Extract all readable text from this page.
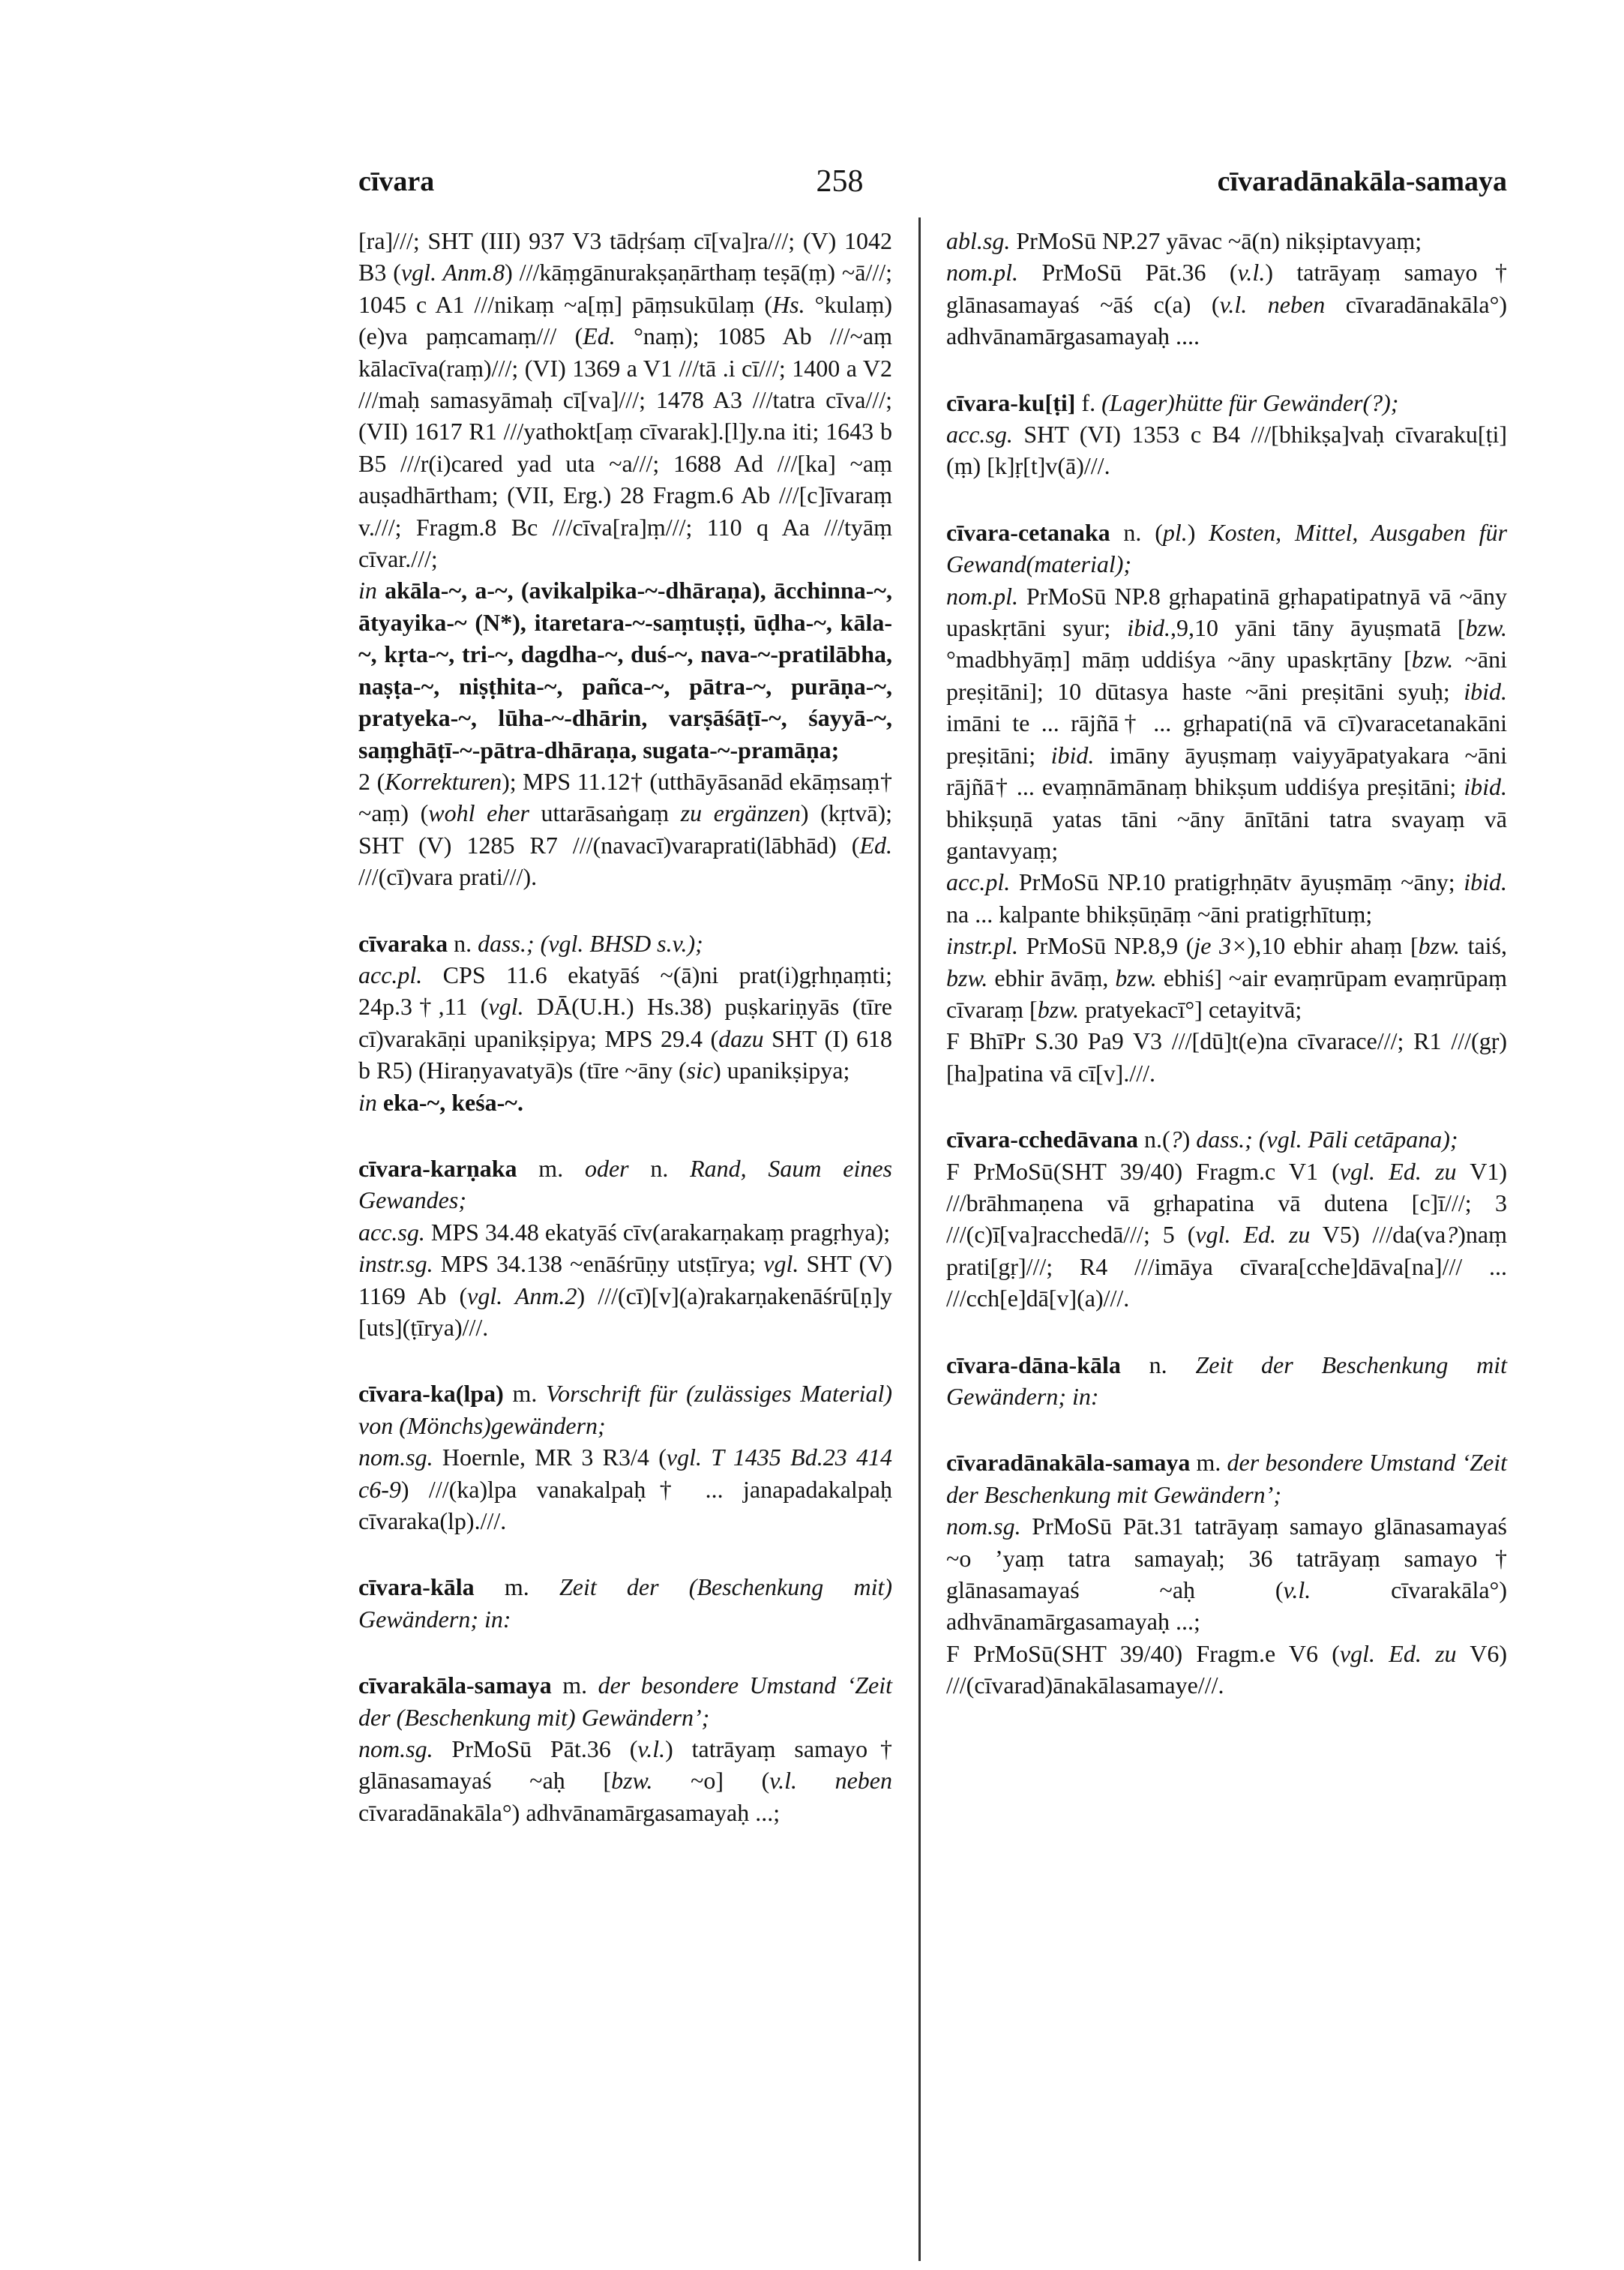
cīvara	258	cīvaradānakāla-samaya

[ra]///; SHT (III) 937 V3 tādṛśaṃ cī[va]ra///; (V) 1042 B3 (vgl. Anm.8) ///kāṃgānurakṣaṇārthaṃ teṣā(ṃ) ~ā///; 1045 c A1 ///nikaṃ ~a[ṃ] pāṃsukūlaṃ (Hs. °kulaṃ) (e)va paṃcamaṃ/// (Ed. °naṃ); 1085 Ab ///~aṃ kālacīva(raṃ)///; (VI) 1369 a V1 ///tā .i cī///; 1400 a V2 ///maḥ samasyāmaḥ cī[va]///; 1478 A3 ///tatra cīva///; (VII) 1617 R1 ///yathokt[aṃ cīvarak].[l]y.na iti; 1643 b B5 ///r(i)cared yad uta ~a///; 1688 Ad ///[ka] ~aṃ auṣadhārtham; (VII, Erg.) 28 Fragm.6 Ab ///[c]īvaraṃ v.///; Fragm.8 Bc ///cīva[ra]ṃ///; 110 q Aa ///tyāṃ cīvar.///;

in akāla-~, a-~, (avikalpika-~-dhāraṇa), ācchinna-~, ātyayika-~ (N*), itaretara-~-saṃtuṣṭi, ūḍha-~, kāla-~, kṛta-~, tri-~, dagdha-~, duś-~, nava-~-pratilābha, naṣṭa-~, niṣṭhita-~, pañca-~, pātra-~, purāṇa-~, pratyeka-~, lūha-~-dhārin, varṣāśāṭī-~, śayyā-~, saṃghāṭī-~-pātra-dhāraṇa, sugata-~-pramāṇa;

2 (Korrekturen); MPS 11.12† (utthāyāsanād ekāṃsaṃ† ~aṃ) (wohl eher uttarāsaṅgaṃ zu ergänzen) (kṛtvā); SHT (V) 1285 R7 ///(navacī)varaprati(lābhād) (Ed. ///(cī)vara prati///).

cīvaraka n. dass.; (vgl. BHSD s.v.);

acc.pl. CPS 11.6 ekatyāś ~(ā)ni prat(i)gṛhṇaṃti; 24p.3†,11 (vgl. DĀ(U.H.) Hs.38) puṣkariṇyās (tīre cī)varakāṇi upanikṣipya; MPS 29.4 (dazu SHT (I) 618 b R5) (Hiraṇyavatyā)s (tīre ~āny (sic) upanikṣipya;

in eka-~, keśa-~.

cīvara-karṇaka m. oder n. Rand, Saum eines Gewandes;

acc.sg. MPS 34.48 ekatyāś cīv(arakarṇakaṃ pragṛhya);

instr.sg. MPS 34.138 ~enāśrūṇy utsṭīrya; vgl. SHT (V) 1169 Ab (vgl. Anm.2) ///(cī)[v](a)rakarṇakenāśrū[ṇ]y [uts](ṭīrya)///.

cīvara-ka(lpa) m. Vorschrift für (zulässiges Material) von (Mönchs)gewändern;

nom.sg. Hoernle, MR 3 R3/4 (vgl. T 1435 Bd.23 414 c6-9) ///(ka)lpa vanakalpaḥ† ... janapadakalpaḥ cīvaraka(lp).///.

cīvara-kāla m. Zeit der (Beschenkung mit) Gewändern; in:

cīvarakāla-samaya m. der besondere Umstand ‘Zeit der (Beschenkung mit) Gewändern’;

nom.sg. PrMoSū Pāt.36 (v.l.) tatrāyaṃ samayo† glānasamayaś ~aḥ [bzw. ~o] (v.l. neben cīvaradānakāla°) adhvānamārgasamayaḥ ...;

abl.sg. PrMoSū NP.27 yāvac ~ā(n) nikṣiptavyaṃ;

nom.pl. PrMoSū Pāt.36 (v.l.) tatrāyaṃ samayo† glānasamayaś ~āś c(a) (v.l. neben cīvaradānakāla°) adhvānamārgasamayaḥ ....

cīvara-ku[ṭi] f. (Lager)hütte für Gewänder(?);

acc.sg. SHT (VI) 1353 c B4 ///[bhikṣa]vaḥ cīvaraku[ṭi](ṃ) [k]ṛ[t]v(ā)///.

cīvara-cetanaka n. (pl.) Kosten, Mittel, Ausgaben für Gewand(material);

nom.pl. PrMoSū NP.8 gṛhapatinā gṛhapatipatnyā vā ~āny upaskṛtāni syur; ibid.,9,10 yāni tāny āyuṣmatā [bzw. °madbhyāṃ] māṃ uddiśya ~āny upaskṛtāny [bzw. ~āni preṣitāni]; 10 dūtasya haste ~āni preṣitāni syuḥ; ibid. imāni te ... rājñā† ... gṛhapati(nā vā cī)varacetanakāni preṣitāni; ibid. imāny āyuṣmaṃ vaiyyāpatyakara ~āni rājñā† ... evaṃnāmānaṃ bhikṣum uddiśya preṣitāni; ibid. bhikṣuṇā yatas tāni ~āny ānītāni tatra svayaṃ vā gantavyaṃ;

acc.pl. PrMoSū NP.10 pratigṛhṇātv āyuṣmāṃ ~āny; ibid. na ... kalpante bhikṣūṇāṃ ~āni pratigṛhītuṃ;

instr.pl. PrMoSū NP.8,9 (je 3×),10 ebhir ahaṃ [bzw. taiś, bzw. ebhir āvāṃ, bzw. ebhiś] ~air evaṃrūpam evaṃrūpaṃ cīvaraṃ [bzw. pratyekacī°] cetayitvā;

F BhīPr S.30 Pa9 V3 ///[dū]t(e)na cīvarace///; R1 ///(gṛ)[ha]patina vā cī[v].///.

cīvara-cchedāvana n.(?) dass.; (vgl. Pāli cetāpana);

F PrMoSū(SHT 39/40) Fragm.c V1 (vgl. Ed. zu V1) ///brāhmaṇena vā gṛhapatina vā dutena [c]ī///; 3 ///(c)ī[va]racchedā///; 5 (vgl. Ed. zu V5) ///da(va?)naṃ prati[gṛ]///; R4 ///imāya cīvara[cche]dāva[na]/// ... ///cch[e]dā[v](a)///.

cīvara-dāna-kāla n. Zeit der Beschenkung mit Gewändern; in:

cīvaradānakāla-samaya m. der besondere Umstand ‘Zeit der Beschenkung mit Gewändern’;

nom.sg. PrMoSū Pāt.31 tatrāyaṃ samayo glānasamayaś ~o ’yaṃ tatra samayaḥ; 36 tatrāyaṃ samayo† glānasamayaś ~aḥ (v.l. cīvarakāla°) adhvānamārgasamayaḥ ...;

F PrMoSū(SHT 39/40) Fragm.e V6 (vgl. Ed. zu V6) ///(cīvarad)ānakālasamaye///.
